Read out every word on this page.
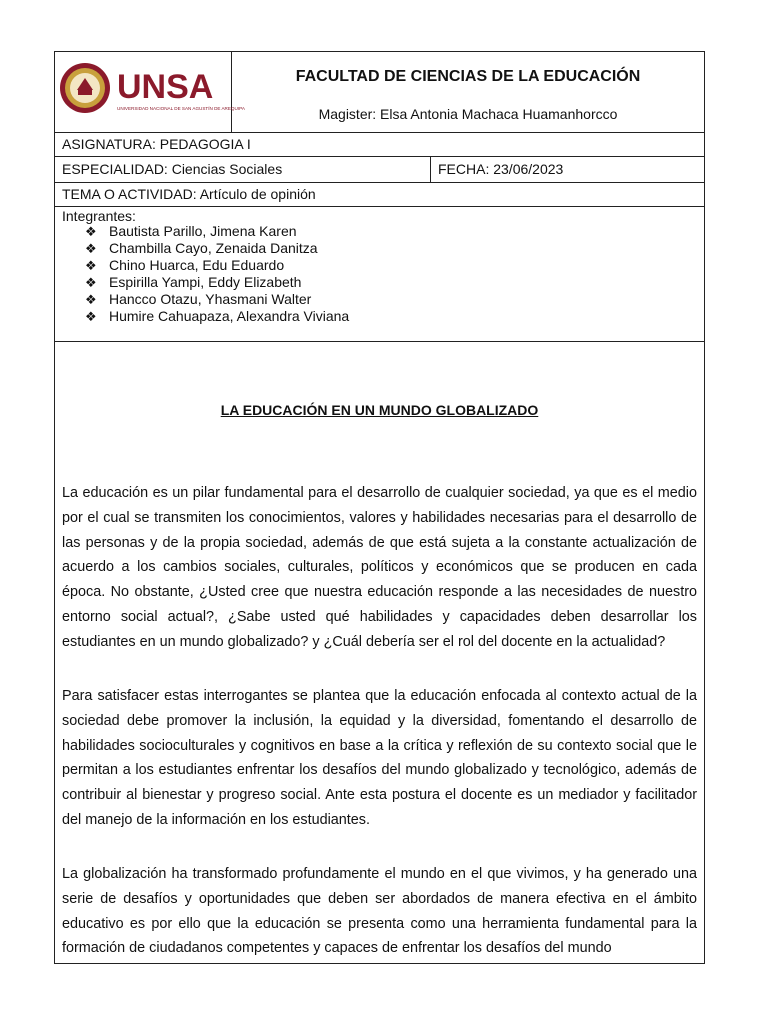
UNSA
UNIVERSIDAD NACIONAL DE SAN AGUSTÍN DE AREQUIPA
FACULTAD DE CIENCIAS DE LA EDUCACIÓN
Magister: Elsa Antonia Machaca Huamanhorcco
ASIGNATURA: PEDAGOGIA I
ESPECIALIDAD: Ciencias Sociales	FECHA: 23/06/2023
TEMA O ACTIVIDAD: Artículo de opinión
Integrantes:
❖ Bautista Parillo, Jimena Karen
❖ Chambilla Cayo, Zenaida Danitza
❖ Chino Huarca, Edu Eduardo
❖ Espirilla Yampi, Eddy Elizabeth
❖ Hancco Otazu, Yhasmani Walter
❖ Humire Cahuapaza, Alexandra Viviana
LA EDUCACIÓN EN UN MUNDO GLOBALIZADO

La educación es un pilar fundamental para el desarrollo de cualquier sociedad, ya que es el medio por el cual se transmiten los conocimientos, valores y habilidades necesarias para el desarrollo de las personas y de la propia sociedad, además de que está sujeta a la constante actualización de acuerdo a los cambios sociales, culturales, políticos y económicos que se producen en cada época. No obstante, ¿Usted cree que nuestra educación responde a las necesidades de nuestro entorno social actual?, ¿Sabe usted qué habilidades y capacidades deben desarrollar los estudiantes en un mundo globalizado? y ¿Cuál debería ser el rol del docente en la actualidad?

Para satisfacer estas interrogantes se plantea que la educación enfocada al contexto actual de la sociedad debe promover la inclusión, la equidad y la diversidad, fomentando el desarrollo de habilidades socioculturales y cognitivos en base a la crítica y reflexión de su contexto social que le permitan a los estudiantes enfrentar los desafíos del mundo globalizado y tecnológico, además de contribuir al bienestar y progreso social. Ante esta postura el docente es un mediador y facilitador del manejo de la información en los estudiantes.

La globalización ha transformado profundamente el mundo en el que vivimos, y ha generado una serie de desafíos y oportunidades que deben ser abordados de manera efectiva en el ámbito educativo es por ello que la educación se presenta como una herramienta fundamental para la formación de ciudadanos competentes y capaces de enfrentar los desafíos del mundo
